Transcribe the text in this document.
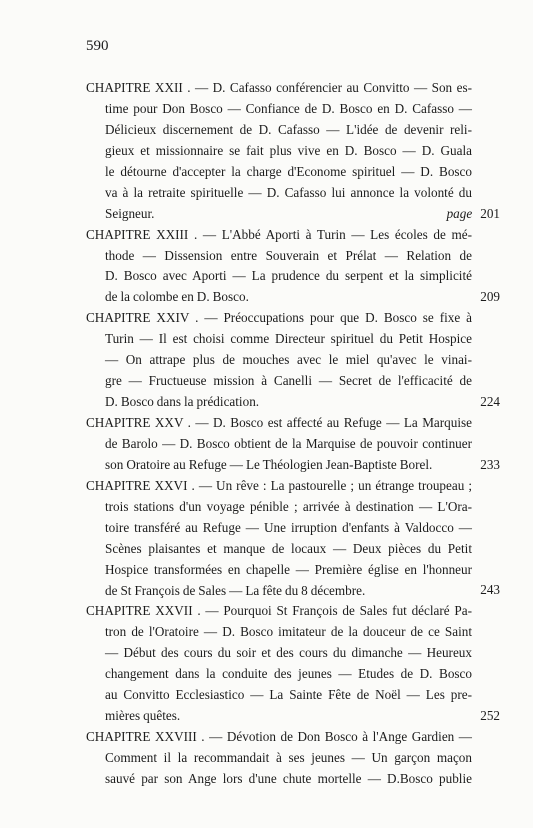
590
CHAPITRE XXII . — D. Cafasso conférencier au Convitto — Son es-
time pour Don Bosco — Confiance de D. Bosco en D. Cafasso —
Délicieux discernement de D. Cafasso — L'idée de devenir reli-
gieux et missionnaire se fait plus vive en D. Bosco — D. Guala
le détourne d'accepter la charge d'Econome spirituel — D. Bosco
va à la retraite spirituelle — D. Cafasso lui annonce la volonté du
Seigneur.	page 201
CHAPITRE XXIII . — L'Abbé Aporti à Turin — Les écoles de mé-
thode — Dissension entre Souverain et Prélat — Relation de
D. Bosco avec Aporti — La prudence du serpent et la simplicité
de la colombe en D. Bosco.	209
CHAPITRE XXIV . — Préoccupations pour que D. Bosco se fixe à
Turin — Il est choisi comme Directeur spirituel du Petit Hospice
— On attrape plus de mouches avec le miel qu'avec le vinai-
gre — Fructueuse mission à Canelli — Secret de l'efficacité de
D. Bosco dans la prédication.	224
CHAPITRE XXV . — D. Bosco est affecté au Refuge — La Marquise
de Barolo — D. Bosco obtient de la Marquise de pouvoir continuer
son Oratoire au Refuge — Le Théologien Jean-Baptiste Borel.	233
CHAPITRE XXVI . — Un rêve : La pastourelle ; un étrange troupeau ;
trois stations d'un voyage pénible ; arrivée à destination — L'Ora-
toire transféré au Refuge — Une irruption d'enfants à Valdocco —
Scènes plaisantes et manque de locaux — Deux pièces du Petit
Hospice transformées en chapelle — Première église en l'honneur
de St François de Sales — La fête du 8 décembre.	243
CHAPITRE XXVII . — Pourquoi St François de Sales fut déclaré Pa-
tron de l'Oratoire — D. Bosco imitateur de la douceur de ce Saint
— Début des cours du soir et des cours du dimanche — Heureux
changement dans la conduite des jeunes — Etudes de D. Bosco
au Convitto Ecclesiastico — La Sainte Fête de Noël — Les pre-
mières quêtes.	252
CHAPITRE XXVIII . — Dévotion de Don Bosco à l'Ange Gardien —
Comment il la recommandait à ses jeunes — Un garçon maçon
sauvé par son Ange lors d'une chute mortelle — D.Bosco publie
